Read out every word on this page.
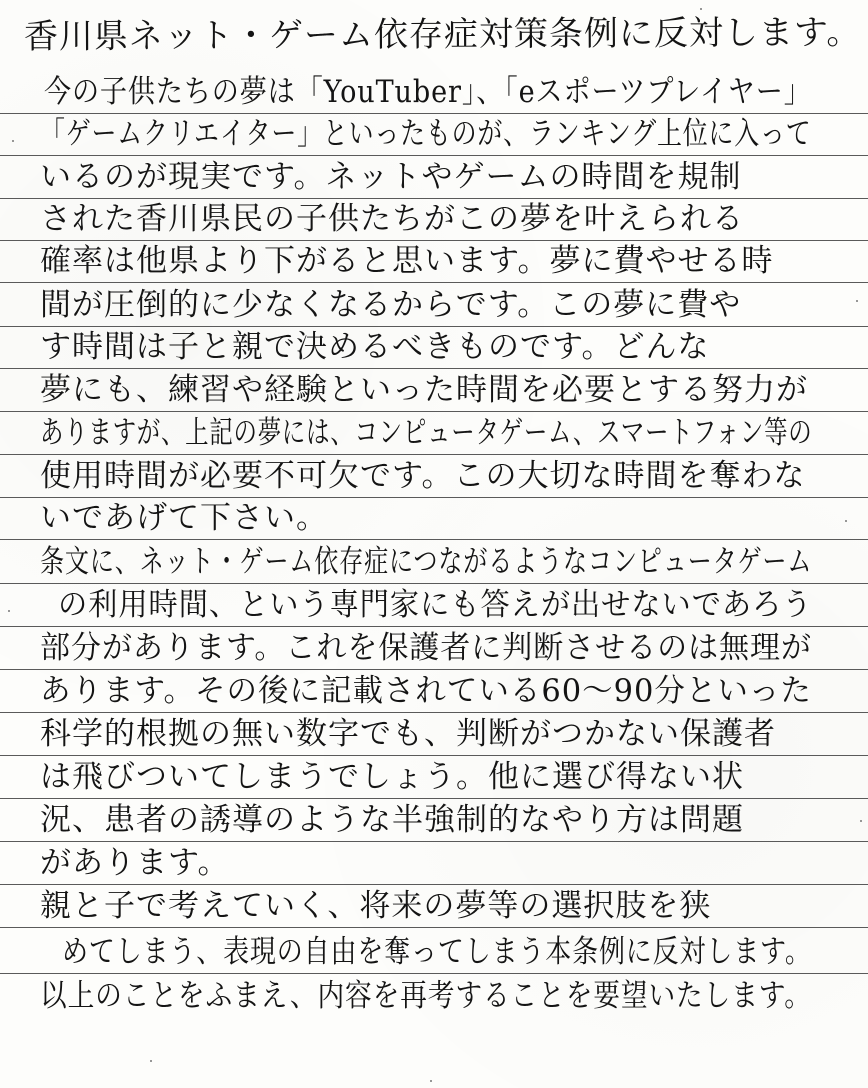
香川県ネット・ゲーム依存症対策条例に反対します。
今の子供たちの夢は「YouTuber」、「eスポーツプレイヤー」
「ゲームクリエイター」といったものが、ランキング上位に入って
いるのが現実です。ネットやゲームの時間を規制
された香川県民の子供たちがこの夢を叶えられる
確率は他県より下がると思います。夢に費やせる時
間が圧倒的に少なくなるからです。この夢に費や
す時間は子と親で決めるべきものです。どんな
夢にも、練習や経験といった時間を必要とする努力が
ありますが、上記の夢には、コンピュータゲーム、スマートフォン等の
使用時間が必要不可欠です。この大切な時間を奪わな
いであげて下さい。
条文に、ネット・ゲーム依存症につながるようなコンピュータゲーム
の利用時間、という専門家にも答えが出せないであろう
部分があります。これを保護者に判断させるのは無理が
あります。その後に記載されている60〜90分といった
科学的根拠の無い数字でも、判断がつかない保護者
は飛びついてしまうでしょう。他に選び得ない状
況、患者の誘導のような半強制的なやり方は問題
があります。
親と子で考えていく、将来の夢等の選択肢を狭
めてしまう、表現の自由を奪ってしまう本条例に反対します。
以上のことをふまえ、内容を再考することを要望いたします。
